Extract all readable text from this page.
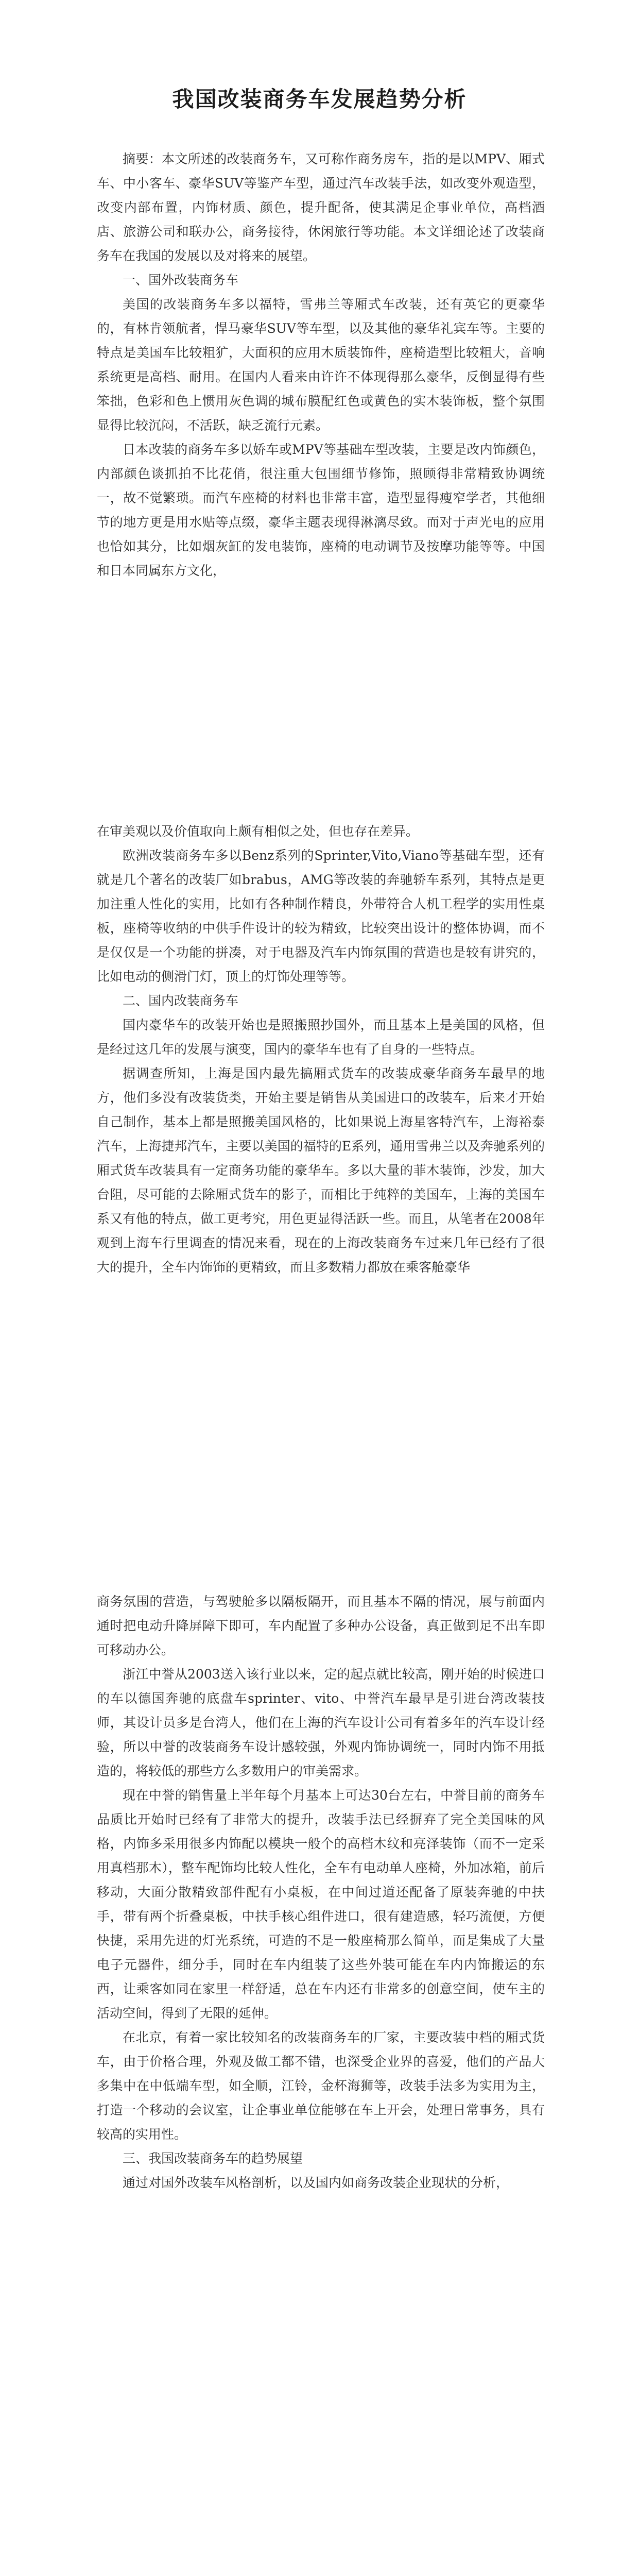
我国改装商务车发展趋势分析

摘要：本文所述的改装商务车，又可称作商务房车，指的是以MPV、厢式车、中小客车、豪华SUV等鉴产车型，通过汽车改装手法，如改变外观造型，改变内部布置，内饰材质、颜色，提升配备，使其满足企事业单位，高档酒店、旅游公司和联办公，商务接待，休闲旅行等功能。本文详细论述了改装商务车在我国的发展以及对将来的展望。

一、国外改装商务车

美国的改装商务车多以福特，雪弗兰等厢式车改装，还有英它的更豪华的，有林肯领航者，悍马豪华SUV等车型，以及其他的豪华礼宾车等。主要的特点是美国车比较粗犷，大面积的应用木质装饰件，座椅造型比较粗大，音响系统更是高档、耐用。在国内人看来由许许不体现得那么豪华，反倒显得有些笨拙，色彩和色上惯用灰色调的城布膜配红色或黄色的实木装饰板，整个氛围显得比较沉闷，不活跃，缺乏流行元素。

日本改装的商务车多以娇车或MPV等基础车型改装，主要是改内饰颜色，内部颜色谈抓拍不比花俏，很注重大包围细节修饰，照顾得非常精致协调统一，故不觉繁琐。而汽车座椅的材料也非常丰富，造型显得瘦窄学者，其他细节的地方更是用水贴等点缀，豪华主题表现得淋漓尽致。而对于声光电的应用也恰如其分，比如烟灰缸的发电装饰，座椅的电动调节及按摩功能等等。中国和日本同属东方文化，

在审美观以及价值取向上颇有相似之处，但也存在差异。

欧洲改装商务车多以Benz系列的Sprinter,Vito,Viano等基础车型，还有就是几个著名的改装厂如brabus，AMG等改装的奔驰轿车系列，其特点是更加注重人性化的实用，比如有各种制作精良，外带符合人机工程学的实用性桌板，座椅等收纳的中供手件设计的较为精致，比较突出设计的整体协调，而不是仅仅是一个功能的拼凑，对于电器及汽车内饰氛围的营造也是较有讲究的，比如电动的侧滑门灯，顶上的灯饰处理等等。

二、国内改装商务车

国内豪华车的改装开始也是照搬照抄国外，而且基本上是美国的风格，但是经过这几年的发展与演变，国内的豪华车也有了自身的一些特点。

据调查所知，上海是国内最先搞厢式货车的改装成豪华商务车最早的地方，他们多没有改装货类，开始主要是销售从美国进口的改装车，后来才开始自己制作，基本上都是照搬美国风格的，比如果说上海星客特汽车，上海裕泰汽车，上海捷邦汽车，主要以美国的福特的E系列，通用雪弗兰以及奔驰系列的厢式货车改装具有一定商务功能的豪华车。多以大量的菲木装饰，沙发，加大台阻，尽可能的去除厢式货车的影子，而相比于纯粹的美国车，上海的美国车系又有他的特点，做工更考究，用色更显得活跃一些。而且，从笔者在2008年观到上海车行里调查的情况来看，现在的上海改装商务车过来几年已经有了很大的提升，全车内饰饰的更精致，而且多数精力都放在乘客舱豪华

商务氛围的营造，与驾驶舱多以隔板隔开，而且基本不隔的情况，展与前面内通时把电动升降屏障下即可，车内配置了多种办公设备，真正做到足不出车即可移动办公。

浙江中誉从2003送入该行业以来，定的起点就比较高，刚开始的时候进口的车以德国奔驰的底盘车sprinter、vito、中誉汽车最早是引进台湾改装技师，其设计员多是台湾人，他们在上海的汽车设计公司有着多年的汽车设计经验，所以中誉的改装商务车设计感较强，外观内饰协调统一，同时内饰不用抵造的，将较低的那些方么多数用户的审美需求。

现在中誉的销售量上半年每个月基本上可达30台左右，中誉目前的商务车品质比开始时已经有了非常大的提升，改装手法已经摒弃了完全美国味的风格，内饰多采用很多内饰配以模块一般个的高档木纹和亮泽装饰（而不一定采用真档那木），整车配饰均比较人性化，全车有电动单人座椅，外加冰箱，前后移动，大面分散精致部件配有小桌板，在中间过道还配备了原装奔驰的中扶手，带有两个折叠桌板，中扶手核心组件进口，很有建造感，轻巧流便，方便快捷，采用先进的灯光系统，可造的不是一般座椅那么简单，而是集成了大量电子元器件，细分手，同时在车内组装了这些外装可能在车内内饰搬运的东西，让乘客如同在家里一样舒适，总在车内还有非常多的创意空间，使车主的活动空间，得到了无限的延伸。

在北京，有着一家比较知名的改装商务车的厂家，主要改装中档的厢式货车，由于价格合理，外观及做工都不错，也深受企业界的喜爱，他们的产品大多集中在中低端车型，如全顺，江铃，金杯海狮等，改装手法多为实用为主，打造一个移动的会议室，让企事业单位能够在车上开会，处理日常事务，具有较高的实用性。

三、我国改装商务车的趋势展望

通过对国外改装车风格剖析，以及国内如商务改装企业现状的分析，
